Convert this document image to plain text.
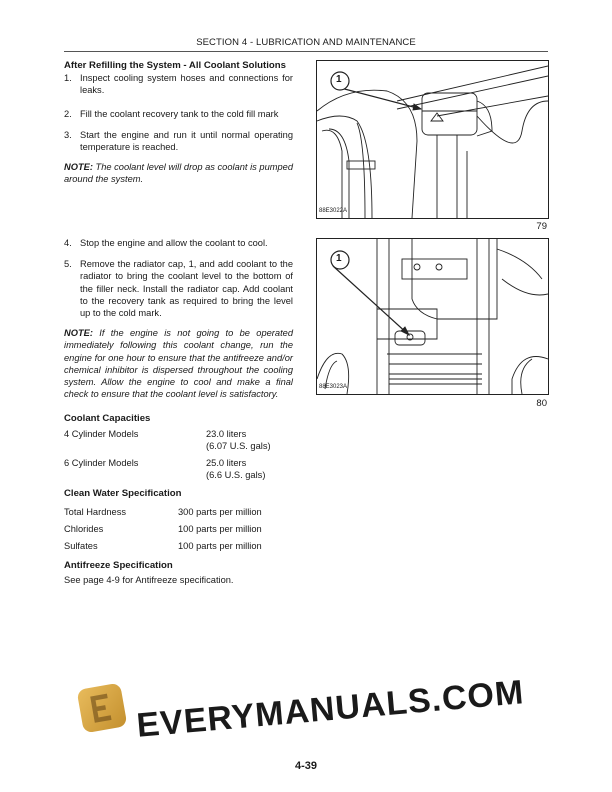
SECTION 4 - LUBRICATION AND MAINTENANCE
After Refilling the System - All Coolant Solutions
1. Inspect cooling system hoses and connections for leaks.
2. Fill the coolant recovery tank to the cold fill mark
3. Start the engine and run it until normal operating temperature is reached.
NOTE: The coolant level will drop as coolant is pumped around the system.
4. Stop the engine and allow the coolant to cool.
5. Remove the radiator cap, 1, and add coolant to the radiator to bring the coolant level to the bottom of the filler neck. Install the radiator cap. Add coolant to the recovery tank as required to bring the level up to the cold mark.
NOTE: If the engine is not going to be operated immediately following this coolant change, run the engine for one hour to ensure that the antifreeze and/or chemical inhibitor is dispersed throughout the cooling system. Allow the engine to cool and make a final check to ensure that the coolant level is satisfactory.
Coolant Capacities
4 Cylinder Models	23.0 liters
(6.07 U.S. gals)
6 Cylinder Models	25.0 liters
(6.6 U.S. gals)
Clean Water Specification
Total Hardness	300 parts per million
Chlorides	100 parts per million
Sulfates	100 parts per million
Antifreeze Specification
See page 4-9 for Antifreeze specification.
1
88E3022A
79
1
88E3023A
80
EVERYMANUALS.COM
4-39
